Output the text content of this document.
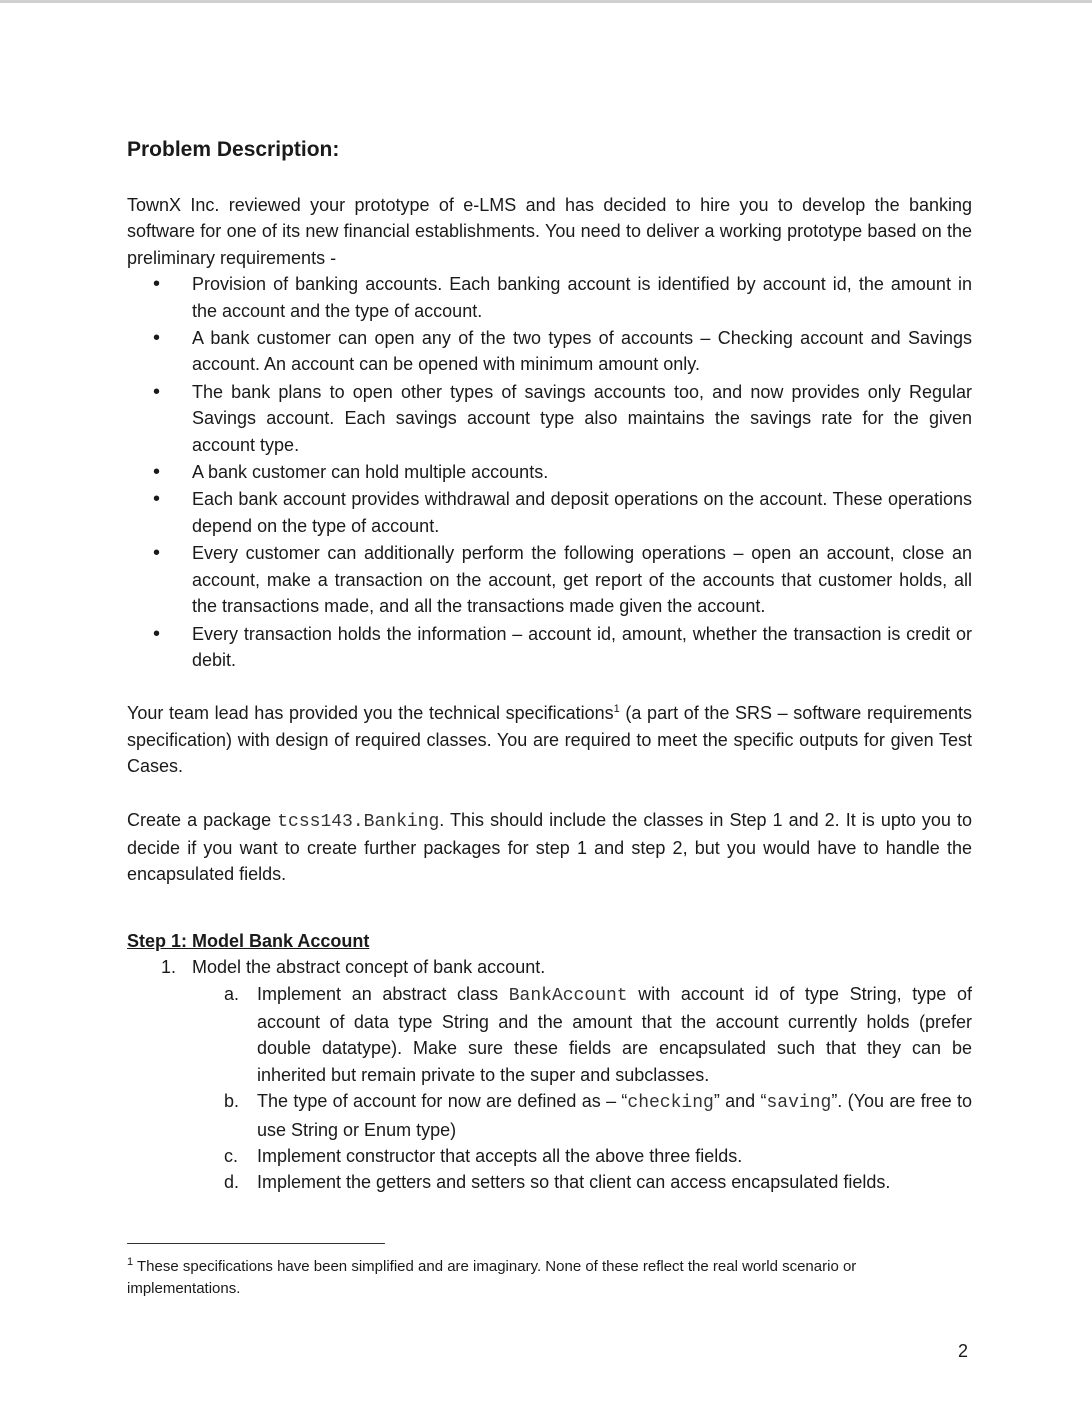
Problem Description:

TownX Inc. reviewed your prototype of e-LMS and has decided to hire you to develop the banking software for one of its new financial establishments. You need to deliver a working prototype based on the preliminary requirements -

• Provision of banking accounts. Each banking account is identified by account id, the amount in the account and the type of account.
• A bank customer can open any of the two types of accounts – Checking account and Savings account. An account can be opened with minimum amount only.
• The bank plans to open other types of savings accounts too, and now provides only Regular Savings account. Each savings account type also maintains the savings rate for the given account type.
• A bank customer can hold multiple accounts.
• Each bank account provides withdrawal and deposit operations on the account. These operations depend on the type of account.
• Every customer can additionally perform the following operations – open an account, close an account, make a transaction on the account, get report of the accounts that customer holds, all the transactions made, and all the transactions made given the account.
• Every transaction holds the information – account id, amount, whether the transaction is credit or debit.

Your team lead has provided you the technical specifications$^1$ (a part of the SRS – software requirements specification) with design of required classes. You are required to meet the specific outputs for given Test Cases.

Create a package tcss143.Banking. This should include the classes in Step 1 and 2. It is upto you to decide if you want to create further packages for step 1 and step 2, but you would have to handle the encapsulated fields.

Step 1: Model Bank Account
1. Model the abstract concept of bank account.
a. Implement an abstract class BankAccount with account id of type String, type of account of data type String and the amount that the account currently holds (prefer double datatype). Make sure these fields are encapsulated such that they can be inherited but remain private to the super and subclasses.
b. The type of account for now are defined as – “checking” and “saving”. (You are free to use String or Enum type)
c. Implement constructor that accepts all the above three fields.
d. Implement the getters and setters so that client can access encapsulated fields.
$^1$ These specifications have been simplified and are imaginary. None of these reflect the real world scenario or implementations.
2
